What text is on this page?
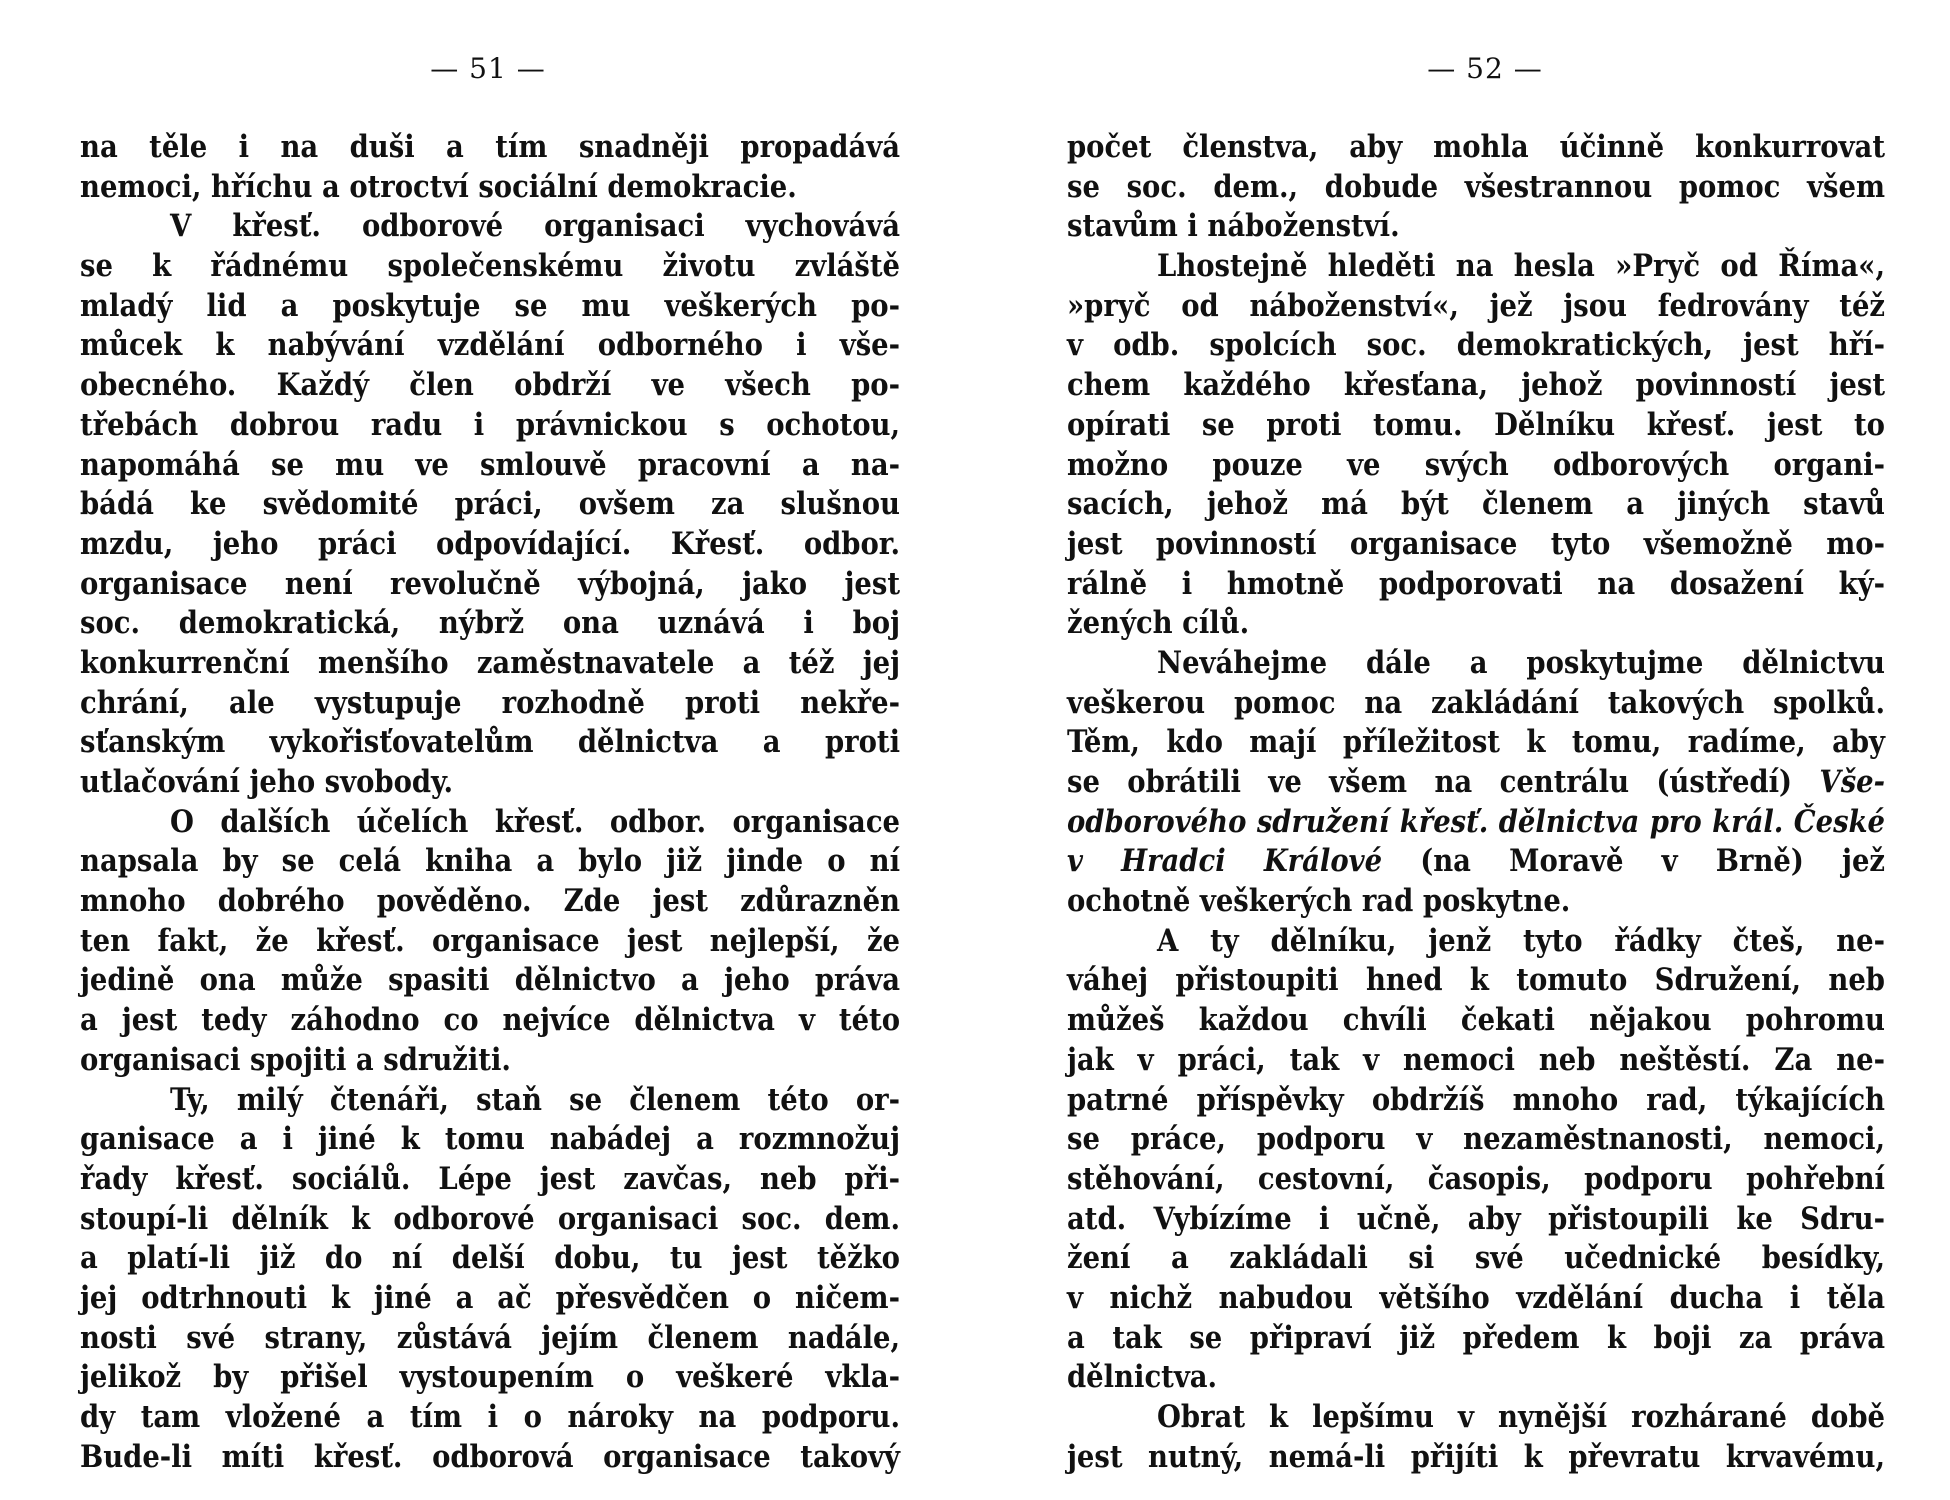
— 51 —
na těle i na duši a tím snadněji propadává
nemoci, hříchu a otroctví sociální demokracie.
V křesť. odborové organisaci vychovává
se k řádnému společenskému životu zvláště
mladý lid a poskytuje se mu veškerých po-
můcek k nabývání vzdělání odborného i vše-
obecného. Každý člen obdrží ve všech po-
třebách dobrou radu i právnickou s ochotou,
napomáhá se mu ve smlouvě pracovní a na-
bádá ke svědomité práci, ovšem za slušnou
mzdu, jeho práci odpovídající. Křesť. odbor.
organisace není revolučně výbojná, jako jest
soc. demokratická, nýbrž ona uznává i boj
konkurrenční menšího zaměstnavatele a též jej
chrání, ale vystupuje rozhodně proti nekře-
sťanským vykořisťovatelům dělnictva a proti
utlačování jeho svobody.
O dalších účelích křesť. odbor. organisace
napsala by se celá kniha a bylo již jinde o ní
mnoho dobrého pověděno. Zde jest zdůrazněn
ten fakt, že křesť. organisace jest nejlepší, že
jedině ona může spasiti dělnictvo a jeho práva
a jest tedy záhodno co nejvíce dělnictva v této
organisaci spojiti a sdružiti.
Ty, milý čtenáři, staň se členem této or-
ganisace a i jiné k tomu nabádej a rozmnožuj
řady křesť. sociálů. Lépe jest zavčas, neb při-
stoupí-li dělník k odborové organisaci soc. dem.
a platí-li již do ní delší dobu, tu jest těžko
jej odtrhnouti k jiné a ač přesvědčen o ničem-
nosti své strany, zůstává jejím členem nadále,
jelikož by přišel vystoupením o veškeré vkla-
dy tam vložené a tím i o nároky na podporu.
Bude-li míti křesť. odborová organisace takový
— 52 —
počet členstva, aby mohla účinně konkurrovat
se soc. dem., dobude všestrannou pomoc všem
stavům i náboženství.
Lhostejně hleděti na hesla »Pryč od Říma«,
»pryč od náboženství«, jež jsou fedrovány též
v odb. spolcích soc. demokratických, jest hří-
chem každého křesťana, jehož povinností jest
opírati se proti tomu. Dělníku křesť. jest to
možno pouze ve svých odborových organi-
sacích, jehož má být členem a jiných stavů
jest povinností organisace tyto všemožně mo-
rálně i hmotně podporovati na dosažení ký-
žených cílů.
Neváhejme dále a poskytujme dělnictvu
veškerou pomoc na zakládání takových spolků.
Těm, kdo mají příležitost k tomu, radíme, aby
se obrátili ve všem na centrálu (ústředí) Vše-
odborového sdružení křesť. dělnictva pro král. České
v Hradci Králové (na Moravě v Brně) jež
ochotně veškerých rad poskytne.
A ty dělníku, jenž tyto řádky čteš, ne-
váhej přistoupiti hned k tomuto Sdružení, neb
můžeš každou chvíli čekati nějakou pohromu
jak v práci, tak v nemoci neb neštěstí. Za ne-
patrné příspěvky obdržíš mnoho rad, týkajících
se práce, podporu v nezaměstnanosti, nemoci,
stěhování, cestovní, časopis, podporu pohřební
atd. Vybízíme i učně, aby přistoupili ke Sdru-
žení a zakládali si své učednické besídky,
v nichž nabudou většího vzdělání ducha i těla
a tak se připraví již předem k boji za práva
dělnictva.
Obrat k lepšímu v nynější rozhárané době
jest nutný, nemá-li přijíti k převratu krvavému,
